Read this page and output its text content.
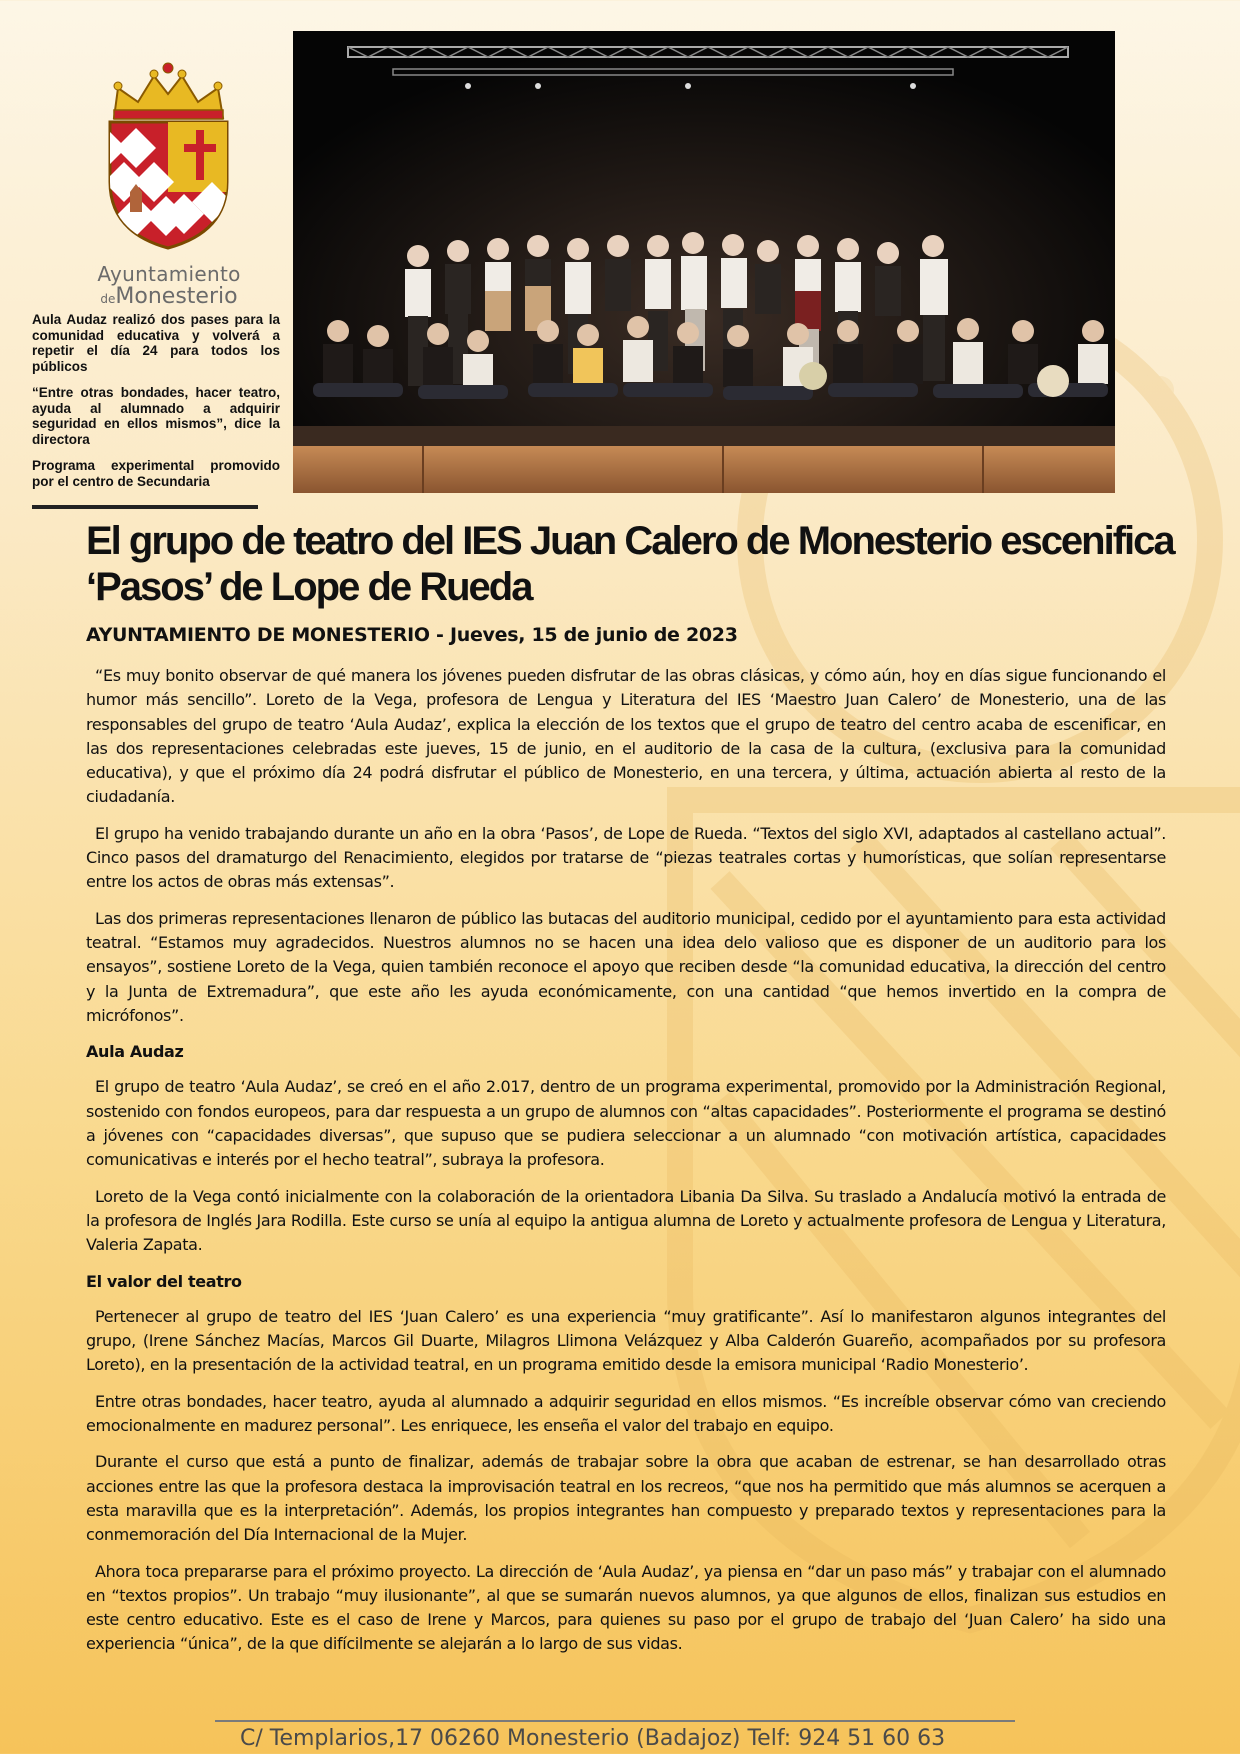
Ayuntamiento
deMonesterio

Aula Audaz realizó dos pases para la comunidad educativa y volverá a repetir el día 24 para todos los públicos

“Entre otras bondades, hacer teatro, ayuda al alumnado a adquirir seguridad en ellos mismos”, dice la directora

Programa experimental promovido por el centro de Secundaria

El grupo de teatro del IES Juan Calero de Monesterio escenifica ‘Pasos’ de Lope de Rueda
AYUNTAMIENTO DE MONESTERIO - Jueves, 15 de junio de 2023

“Es muy bonito observar de qué manera los jóvenes pueden disfrutar de las obras clásicas, y cómo aún, hoy en días sigue funcionando el humor más sencillo”. Loreto de la Vega, profesora de Lengua y Literatura del IES ‘Maestro Juan Calero’ de Monesterio, una de las responsables del grupo de teatro ‘Aula Audaz’, explica la elección de los textos que el grupo de teatro del centro acaba de escenificar, en las dos representaciones celebradas este jueves, 15 de junio, en el auditorio de la casa de la cultura, (exclusiva para la comunidad educativa), y que el próximo día 24 podrá disfrutar el público de Monesterio, en una tercera, y última, actuación abierta al resto de la ciudadanía.

El grupo ha venido trabajando durante un año en la obra ‘Pasos’, de Lope de Rueda. “Textos del siglo XVI, adaptados al castellano actual”. Cinco pasos del dramaturgo del Renacimiento, elegidos por tratarse de “piezas teatrales cortas y humorísticas, que solían representarse entre los actos de obras más extensas”.

Las dos primeras representaciones llenaron de público las butacas del auditorio municipal, cedido por el ayuntamiento para esta actividad teatral. “Estamos muy agradecidos. Nuestros alumnos no se hacen una idea delo valioso que es disponer de un auditorio para los ensayos”, sostiene Loreto de la Vega, quien también reconoce el apoyo que reciben desde “la comunidad educativa, la dirección del centro y la Junta de Extremadura”, que este año les ayuda económicamente, con una cantidad “que hemos invertido en la compra de micrófonos”.

Aula Audaz

El grupo de teatro ‘Aula Audaz’, se creó en el año 2.017, dentro de un programa experimental, promovido por la Administración Regional, sostenido con fondos europeos, para dar respuesta a un grupo de alumnos con “altas capacidades”. Posteriormente el programa se destinó a jóvenes con “capacidades diversas”, que supuso que se pudiera seleccionar a un alumnado “con motivación artística, capacidades comunicativas e interés por el hecho teatral”, subraya la profesora.

Loreto de la Vega contó inicialmente con la colaboración de la orientadora Libania Da Silva. Su traslado a Andalucía motivó la entrada de la profesora de Inglés Jara Rodilla. Este curso se unía al equipo la antigua alumna de Loreto y actualmente profesora de Lengua y Literatura, Valeria Zapata.

El valor del teatro

Pertenecer al grupo de teatro del IES ‘Juan Calero’ es una experiencia “muy gratificante”. Así lo manifestaron algunos integrantes del grupo, (Irene Sánchez Macías, Marcos Gil Duarte, Milagros Llimona Velázquez y Alba Calderón Guareño, acompañados por su profesora Loreto), en la presentación de la actividad teatral, en un programa emitido desde la emisora municipal ‘Radio Monesterio’.

Entre otras bondades, hacer teatro, ayuda al alumnado a adquirir seguridad en ellos mismos. “Es increíble observar cómo van creciendo emocionalmente en madurez personal”. Les enriquece, les enseña el valor del trabajo en equipo.

Durante el curso que está a punto de finalizar, además de trabajar sobre la obra que acaban de estrenar, se han desarrollado otras acciones entre las que la profesora destaca la improvisación teatral en los recreos, “que nos ha permitido que más alumnos se acerquen a esta maravilla que es la interpretación”. Además, los propios integrantes han compuesto y preparado textos y representaciones para la conmemoración del Día Internacional de la Mujer.

Ahora toca prepararse para el próximo proyecto. La dirección de ‘Aula Audaz’, ya piensa en “dar un paso más” y trabajar con el alumnado en “textos propios”. Un trabajo “muy ilusionante”, al que se sumarán nuevos alumnos, ya que algunos de ellos, finalizan sus estudios en este centro educativo. Este es el caso de Irene y Marcos, para quienes su paso por el grupo de trabajo del ‘Juan Calero’ ha sido una experiencia “única”, de la que difícilmente se alejarán a lo largo de sus vidas.

C/ Templarios,17 06260 Monesterio (Badajoz) Telf: 924 51 60 63
